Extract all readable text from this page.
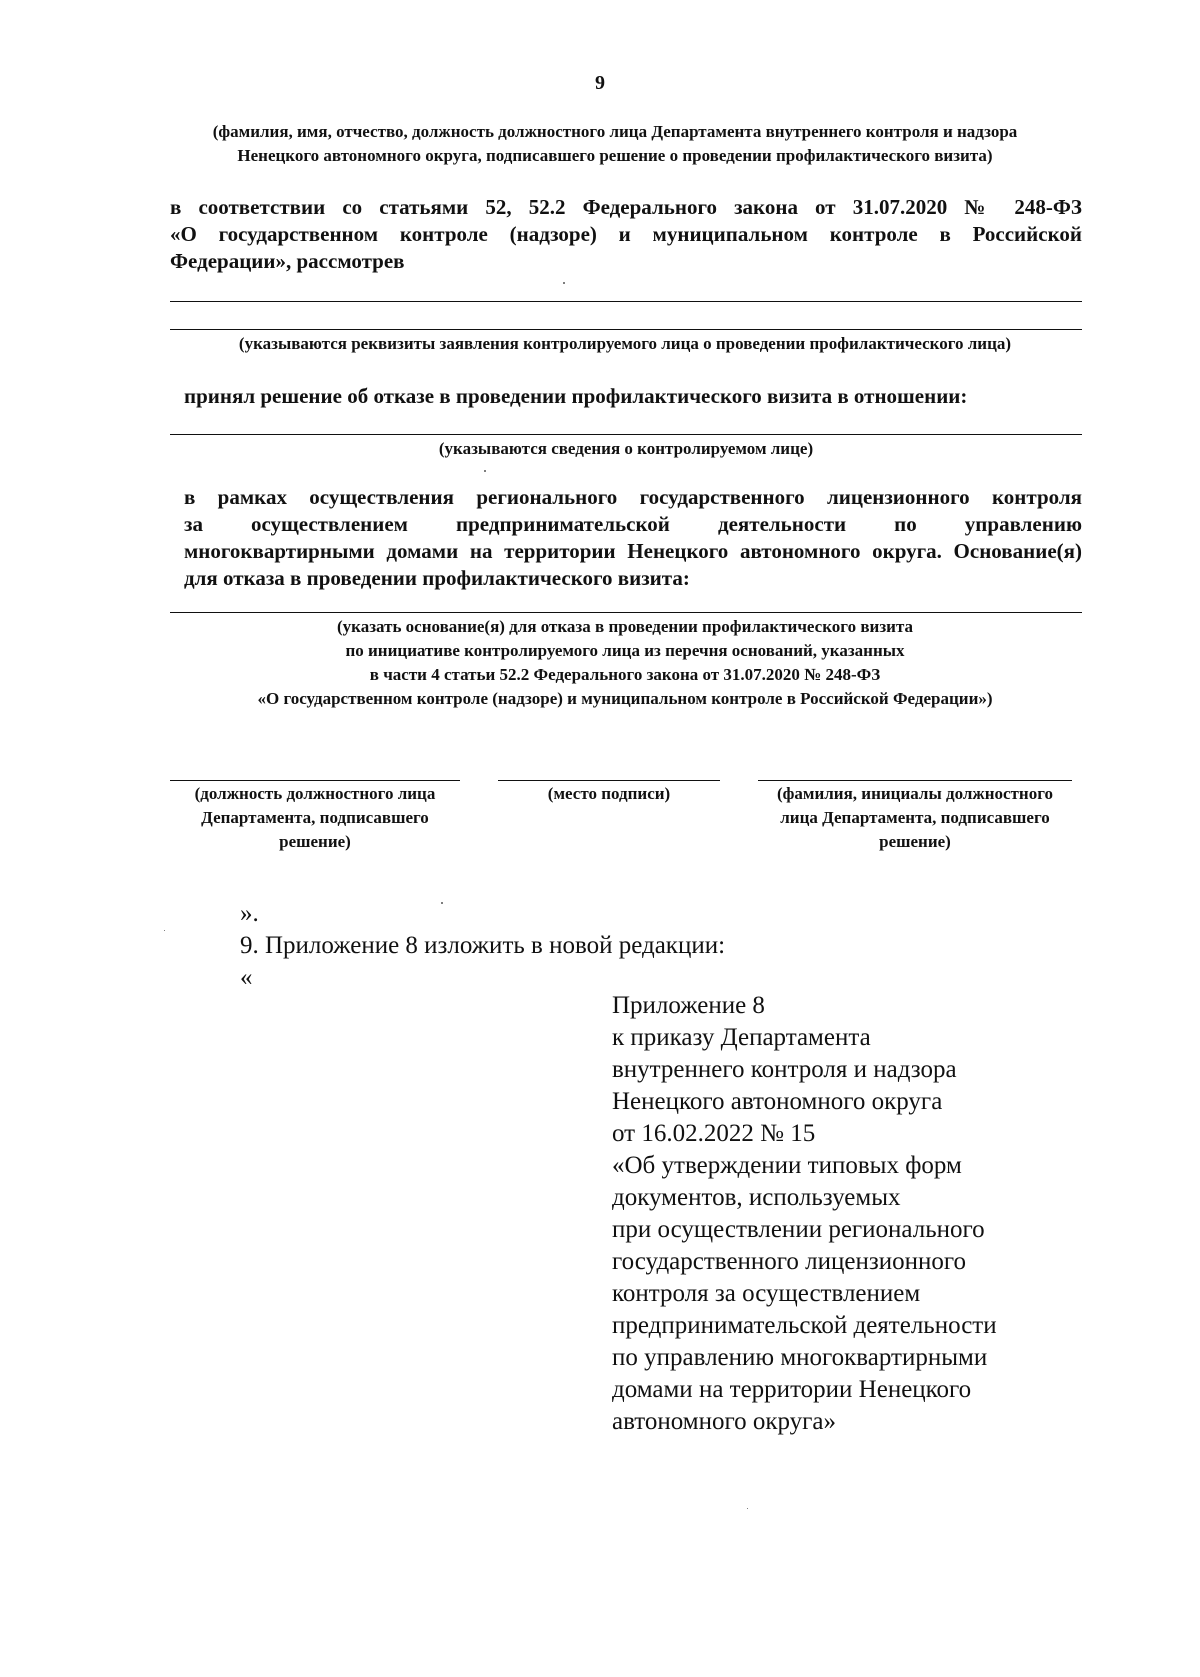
9
(фамилия, имя, отчество, должность должностного лица Департамента внутреннего контроля и надзора
Ненецкого автономного округа, подписавшего решение о проведении профилактического визита)
в соответствии со статьями 52, 52.2 Федерального закона от 31.07.2020 № 248-ФЗ
«О государственном контроле (надзоре) и муниципальном контроле в Российской
Федерации», рассмотрев
(указываются реквизиты заявления контролируемого лица о проведении профилактического лица)
принял решение об отказе в проведении профилактического визита в отношении:
(указываются сведения о контролируемом лице)
в рамках осуществления регионального государственного лицензионного контроля
за осуществлением предпринимательской деятельности по управлению
многоквартирными домами на территории Ненецкого автономного округа. Основание(я)
для отказа в проведении профилактического визита:
(указать основание(я) для отказа в проведении профилактического визита
по инициативе контролируемого лица из перечня оснований, указанных
в части 4 статьи 52.2 Федерального закона от 31.07.2020 № 248-ФЗ
«О государственном контроле (надзоре) и муниципальном контроле в Российской Федерации»)
(должность должностного лица
Департамента, подписавшего
решение)
(место подписи)	(фамилия, инициалы должностного
лица Департамента, подписавшего
решение)
».
9. Приложение 8 изложить в новой редакции:
«
Приложение 8
к приказу Департамента
внутреннего контроля и надзора
Ненецкого автономного округа
от 16.02.2022 № 15
«Об утверждении типовых форм
документов, используемых
при осуществлении регионального
государственного лицензионного
контроля за осуществлением
предпринимательской деятельности
по управлению многоквартирными
домами на территории Ненецкого
автономного округа»
